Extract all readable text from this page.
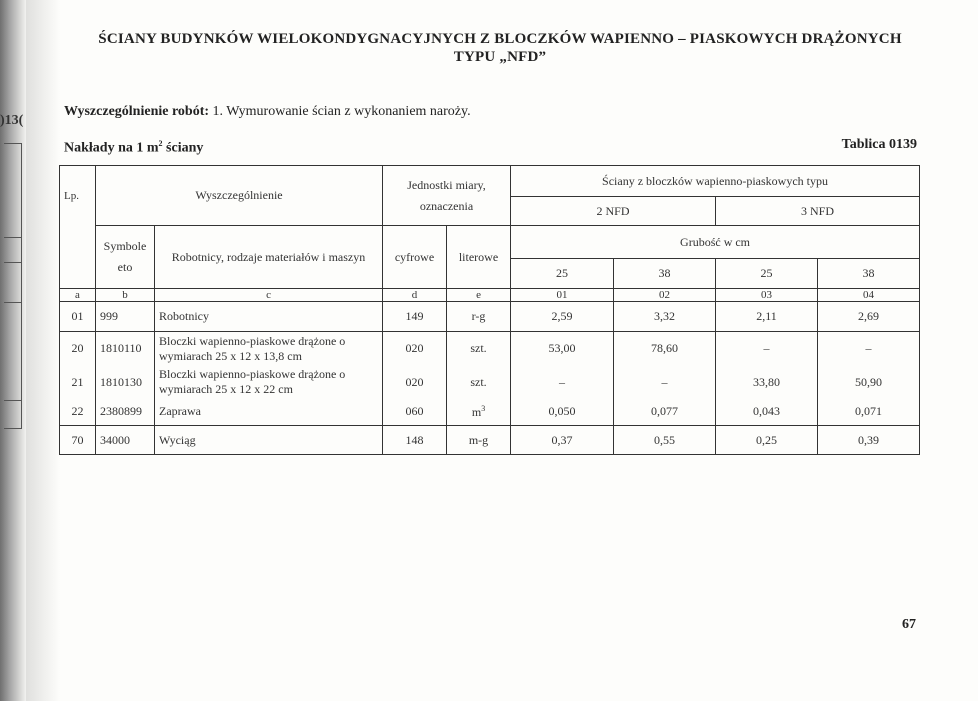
)13(
ŚCIANY BUDYNKÓW WIELOKONDYGNACYJNYCH Z BLOCZKÓW WAPIENNO – PIASKOWYCH DRĄŻONYCH
TYPU „NFD”
Wyszczególnienie robót: 1. Wymurowanie ścian z wykonaniem naroży.
Nakłady na 1 $m^2$ ściany	Tablica 0139
Lp.	Wyszczególnienie		Jednostki miary, oznaczenia		Ściany z bloczków wapienno-piaskowych typu			
					2 NFD		3 NFD	
	Symbole eto	Robotnicy, rodzaje materiałów i maszyn	cyfrowe	literowe	Grubość w cm			
					25	38	25	38
a	b	c	d	e	01	02	03	04
01	999	Robotnicy	149	r-g	2,59	3,32	2,11	2,69
20	1810110	Bloczki wapienno-piaskowe drążone o wymiarach 25 x 12 x 13,8 cm	020	szt.	53,00	78,60	–	–
21	1810130	Bloczki wapienno-piaskowe drążone o wymiarach 25 x 12 x 22 cm	020	szt.	–	–	33,80	50,90
22	2380899	Zaprawa	060	$m^3$	0,050	0,077	0,043	0,071
70	34000	Wyciąg	148	m-g	0,37	0,55	0,25	0,39
67
